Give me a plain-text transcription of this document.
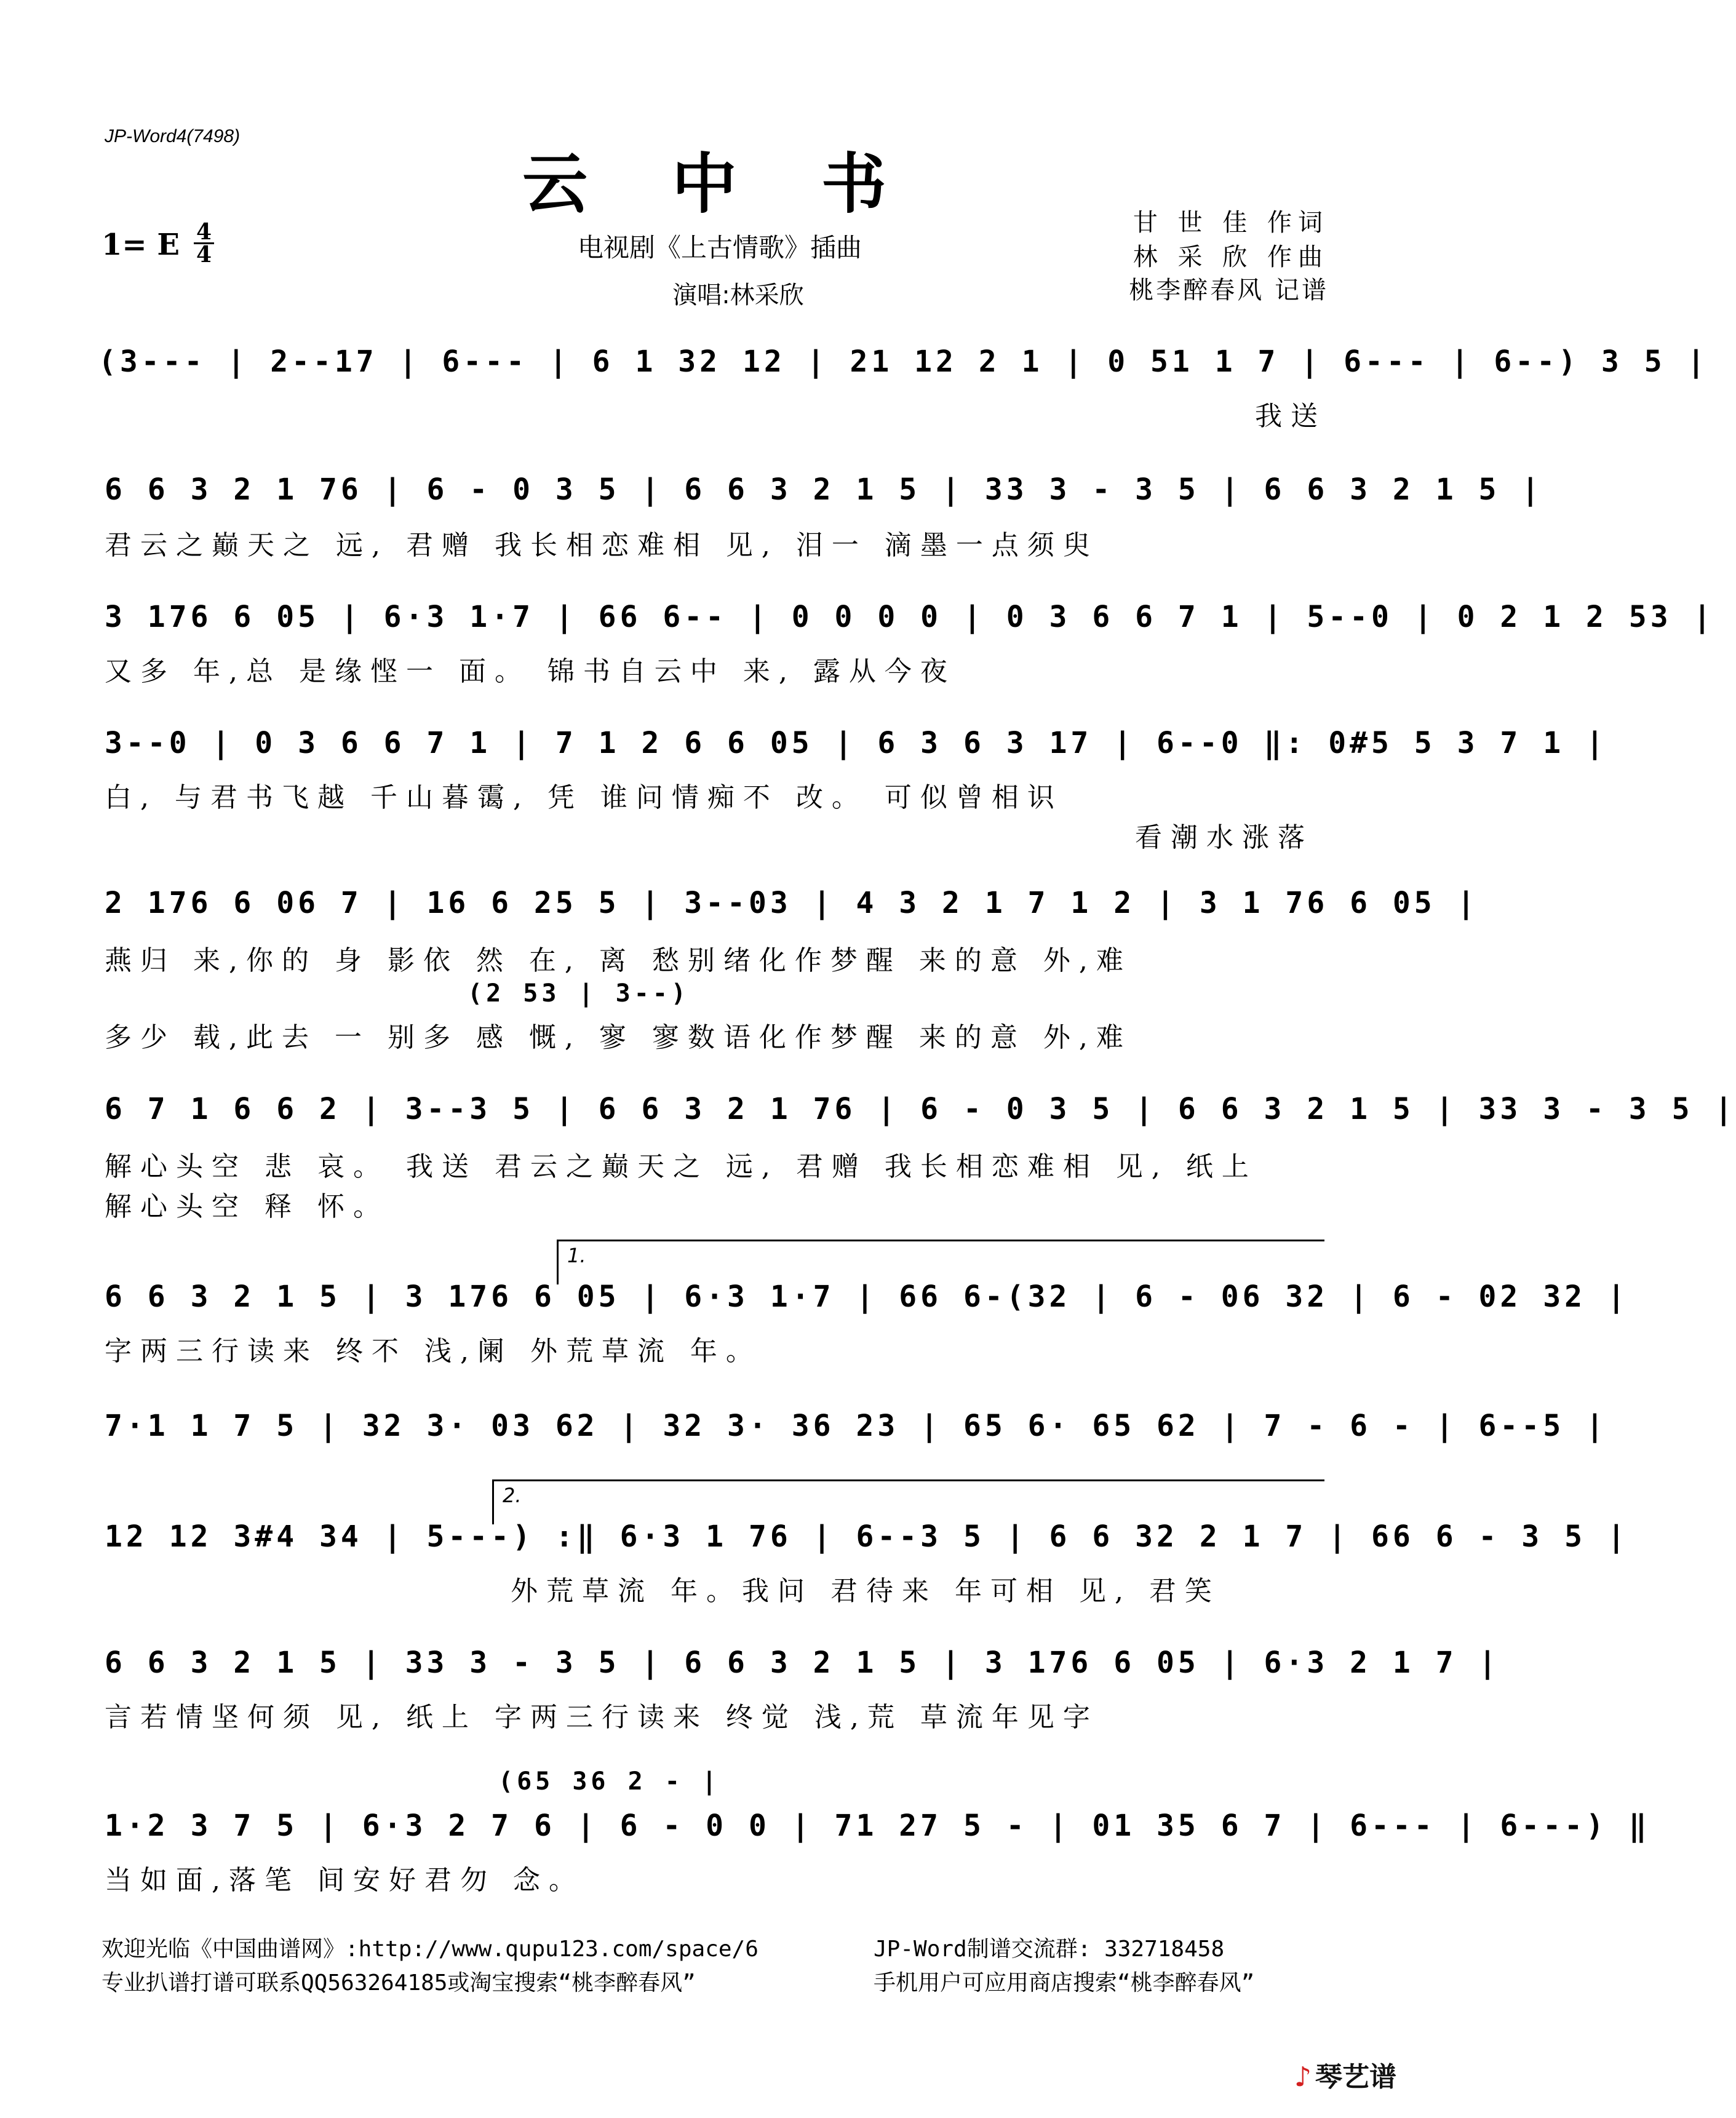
JP-Word4(7498)
云 中 书
1= E 4
4	电视剧《上古情歌》插曲
演唱:林采欣
甘 世 佳 作词
林 采 欣 作曲
桃李醉春风 记谱
(3--- | 2--17 | 6--- | 6 1 32 12 | 21 12 2 1 | 0 51 1 7 | 6--- | 6--) 3 5 |
我送
6 6 3 2 1 76 | 6 - 0 3 5 | 6 6 3 2 1 5 | 33 3 - 3 5 | 6 6 3 2 1 5 |
君云之巅天之 远, 君赠 我长相恋难相 见, 泪一 滴墨一点须臾
3 176 6 05 | 6·3 1·7 | 66 6-- | 0 0 0 0 | 0 3 6 6 7 1 | 5--0 | 0 2 1 2 53 |
又多 年,总 是缘悭一 面。 锦书自云中 来, 露从今夜
3--0 | 0 3 6 6 7 1 | 7 1 2 6 6 05 | 6 3 6 3 17 | 6--0 ‖: 0#5 5 3 7 1 |
白, 与君书飞越 千山暮霭, 凭 谁问情痴不 改。 可似曾相识
看潮水涨落
2 176 6 06 7 | 16 6 25 5 | 3--03 | 4 3 2 1 7 1 2 | 3 1 76 6 05 |
燕归 来,你的 身 影依 然 在, 离 愁别绪化作梦醒 来的意 外,难
(2 53 | 3--)
多少 载,此去 一 别多 感 慨, 寥 寥数语化作梦醒 来的意 外,难
6 7 1 6 6 2 | 3--3 5 | 6 6 3 2 1 76 | 6 - 0 3 5 | 6 6 3 2 1 5 | 33 3 - 3 5 |
解心头空 悲 哀。 我送 君云之巅天之 远, 君赠 我长相恋难相 见, 纸上
解心头空 释 怀。
1.
6 6 3 2 1 5 | 3 176 6 05 | 6·3 1·7 | 66 6-(32 | 6 - 06 32 | 6 - 02 32 |
字两三行读来 终不 浅,阑 外荒草流 年。
7·1 1 7 5 | 32 3· 03 62 | 32 3· 36 23 | 65 6· 65 62 | 7 - 6 - | 6--5 |
2.
12 12 3#4 34 | 5---) :‖ 6·3 1 76 | 6--3 5 | 6 6 32 2 1 7 | 66 6 - 3 5 |
外荒草流 年。我问 君待来 年可相 见, 君笑
6 6 3 2 1 5 | 33 3 - 3 5 | 6 6 3 2 1 5 | 3 176 6 05 | 6·3 2 1 7 |
言若情坚何须 见, 纸上 字两三行读来 终觉 浅,荒 草流年见字
(65 36 2 - |
1·2 3 7 5 | 6·3 2 7 6 | 6 - 0 0 | 71 27 5 - | 01 35 6 7 | 6--- | 6---) ‖
当如面,落笔 间安好君勿 念。
欢迎光临《中国曲谱网》:http://www.qupu123.com/space/6
专业扒谱打谱可联系QQ563264185或淘宝搜索“桃李醉春风”
JP-Word制谱交流群: 332718458
手机用户可应用商店搜索“桃李醉春风”
♪ 琴艺谱
